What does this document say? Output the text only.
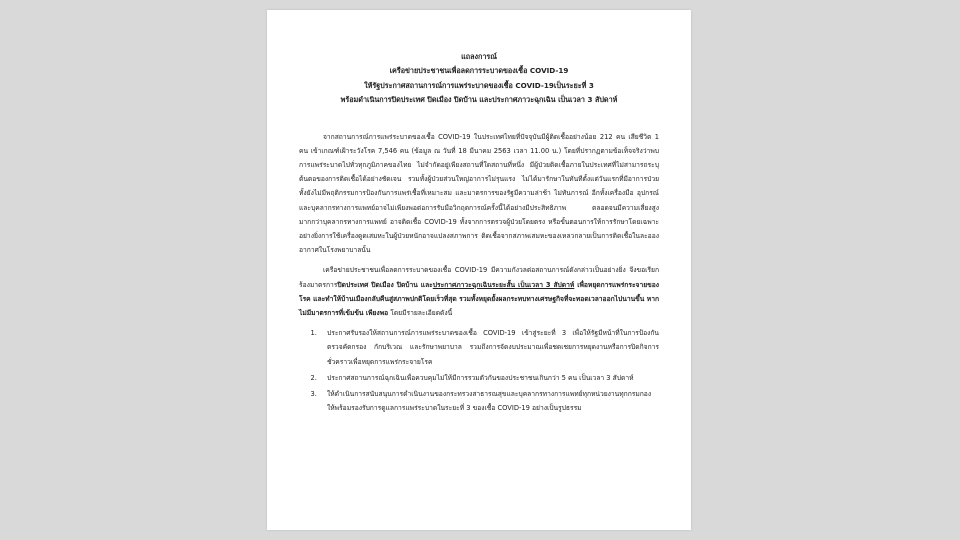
แถลงการณ์
เครือข่ายประชาชนเพื่อลดการระบาดของเชื้อ COVID-19
ให้รัฐประกาศสถานการณ์การแพร่ระบาดของเชื้อ COVID-19เป็นระยะที่ 3
พร้อมดำเนินการปิดประเทศ ปิดเมือง ปิดบ้าน และประกาศภาวะฉุกเฉิน เป็นเวลา 3 สัปดาห์

จากสถานการณ์การแพร่ระบาดของเชื้อ COVID-19 ในประเทศไทยที่ปัจจุบันมีผู้ติดเชื้ออย่างน้อย 212 คน เสียชีวิต 1 คน เข้าเกณฑ์เฝ้าระวังโรค 7,546 คน (ข้อมูล ณ วันที่ 18 มีนาคม 2563 เวลา 11.00 น.) โดยที่ปรากฏตามข้อเท็จจริงว่าพบการแพร่ระบาดไปทั่วทุกภูมิภาคของไทย ไม่จำกัดอยู่เพียงสถานที่ใดสถานที่หนึ่ง มีผู้ป่วยติดเชื้อภายในประเทศที่ไม่สามารถระบุต้นตอของการติดเชื้อได้อย่างชัดเจน รวมทั้งผู้ป่วยส่วนใหญ่อาการไม่รุนแรง ไม่ได้มารักษาในทันทีตั้งแต่วันแรกที่มีอาการป่วย ทั้งยังไม่มีพฤติกรรมการป้องกันการแพร่เชื้อที่เหมาะสม และมาตรการของรัฐมีความล่าช้า ไม่ทันการณ์ อีกทั้งเครื่องมือ อุปกรณ์ และบุคลากรทางการแพทย์อาจไม่เพียงพอต่อการรับมือวิกฤตการณ์ครั้งนี้ได้อย่างมีประสิทธิภาพ ตลอดจนมีความเสี่ยงสูงมากกว่าบุคลากรทางการแพทย์ อาจติดเชื้อ COVID-19 ทั้งจากการตรวจผู้ป่วยโดยตรง หรือขั้นตอนการให้การรักษาโดยเฉพาะอย่างยิ่งการใช้เครื่องดูดเสมหะในผู้ป่วยหนักอาจแปลงสภาพการ ติดเชื้อจากสภาพเสมหะของเหลวกลายเป็นการติดเชื้อในละอองอากาศในโรงพยาบาลนั้น

เครือข่ายประชาชนเพื่อลดการระบาดของเชื้อ COVID-19 มีความกังวลต่อสถานการณ์ดังกล่าวเป็นอย่างยิ่ง จึงขอเรียกร้องมาตรการปิดประเทศ ปิดเมือง ปิดบ้าน และประกาศภาวะฉุกเฉินระยะสั้น เป็นเวลา 3 สัปดาห์ เพื่อหยุดการแพร่กระจายของโรค และทำให้บ้านเมืองกลับคืนสู่สภาพปกติโดยเร็วที่สุด รวมทั้งหยุดยั้งผลกระทบทางเศรษฐกิจที่จะทอดเวลาออกไปนานขึ้น หากไม่มีมาตรการที่เข้มข้น เพียงพอ โดยมีรายละเอียดดังนี้

1. ประกาศรับรองให้สถานการณ์การแพร่ระบาดของเชื้อ COVID-19 เข้าสู่ระยะที่ 3 เพื่อให้รัฐมีหน้าที่ในการป้องกัน ตรวจคัดกรอง กักบริเวณ และรักษาพยาบาล รวมถึงการจัดงบประมาณเพื่อชดเชยการหยุดงานหรือการปิดกิจการชั่วคราวเพื่อหยุดการแพร่กระจายโรค
2. ประกาศสถานการณ์ฉุกเฉินเพื่อควบคุมไม่ให้มีการรวมตัวกันของประชาชนเกินกว่า 5 คน เป็นเวลา 3 สัปดาห์
3. ให้ดำเนินการสนับสนุนการดำเนินงานของกระทรวงสาธารณสุขและบุคลากรทางการแพทย์ทุกหน่วยงานทุกกรมกอง ให้พร้อมรองรับการดูแลการแพร่ระบาดในระยะที่ 3 ของเชื้อ COVID-19 อย่างเป็นรูปธรรม
